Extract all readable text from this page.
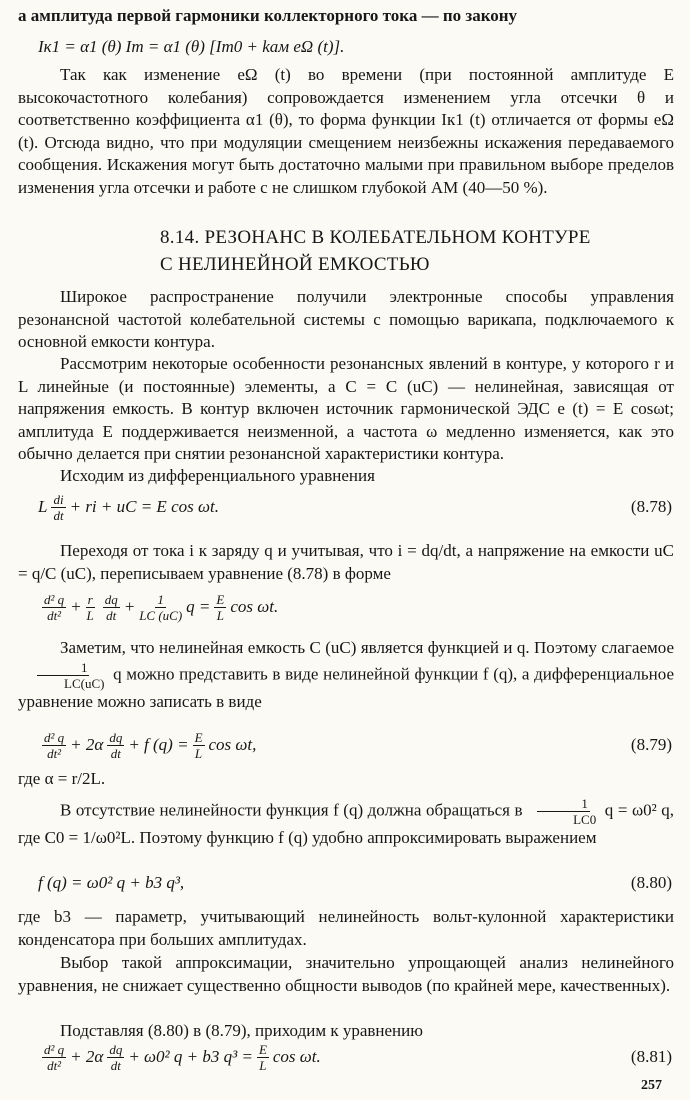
а амплитуда первой гармоники коллекторного тока — по закону

Iк1 = α1 (θ) Im = α1 (θ) [Im0 + kам eΩ (t)].

Так как изменение eΩ (t) во времени (при постоянной амплитуде E высокочастотного колебания) сопровождается изменением угла отсечки θ и соответственно коэффициента α1 (θ), то форма функции Iк1 (t) отличается от формы eΩ (t). Отсюда видно, что при модуляции смещением неизбежны искажения передаваемого сообщения. Искажения могут быть достаточно малыми при правильном выборе пределов изменения угла отсечки и работе с не слишком глубокой АМ (40—50 %).

8.14. РЕЗОНАНС В КОЛЕБАТЕЛЬНОМ КОНТУРЕ
С НЕЛИНЕЙНОЙ ЕМКОСТЬЮ

Широкое распространение получили электронные способы управления резонансной частотой колебательной системы с помощью варикапа, подключаемого к основной емкости контура.

Рассмотрим некоторые особенности резонансных явлений в контуре, у которого r и L линейные (и постоянные) элементы, а C = C (uC) — нелинейная, зависящая от напряжения емкость. В контур включен источник гармонической ЭДС e (t) = E cosωt; амплитуда E поддерживается неизменной, а частота ω медленно изменяется, как это обычно делается при снятии резонансной характеристики контура.

Исходим из дифференциального уравнения

L $\frac{di}{dt}$ + ri + uC = E cos ωt.	(8.78)

Переходя от тока i к заряду q и учитывая, что i = dq/dt, а напряжение на емкости uC = q/C (uC), переписываем уравнение (8.78) в форме

$\frac{\text{d² q}}{\text{dt²}} + \frac{r}{L} \frac{dq}{dt} + \frac{1}{LC (uC)}$ $q = \frac{E}{L}$ cos ωt.

Заметим, что нелинейная емкость C (uC) является функцией и q. Поэтому слагаемое
$\frac{1}{LC(uC)}$ q можно представить в виде нелинейной функции f (q), а дифференциальное уравнение можно записать в виде

$\frac{\text{d² q}}{\text{dt²}} + 2\alpha \frac{dq}{dt} + f$ $(q) = \frac{E}{L}$ cos ωt,	(8.79)

где α = r/2L.

В отсутствие нелинейности функция f (q) должна обращаться в $\frac{1}{LC0}$ q = ω0² q, где C0 = 1/ω0²L. Поэтому функцию f (q) удобно аппроксимировать выражением

f (q) = ω0² q + b3 q³,	(8.80)

где b3 — параметр, учитывающий нелинейность вольт-кулонной характеристики конденсатора при больших амплитудах.

Выбор такой аппроксимации, значительно упрощающей анализ нелинейного уравнения, не снижает существенно общности выводов (по крайней мере, качественных).

Подставляя (8.80) в (8.79), приходим к уравнению

$\frac{\text{d² q}}{\text{dt²}} + 2\alpha \frac{dq}{dt} + \omega 0^2$ q + b3 $q^3 = \frac{E}{L}$ cos ωt.	(8.81)
257
